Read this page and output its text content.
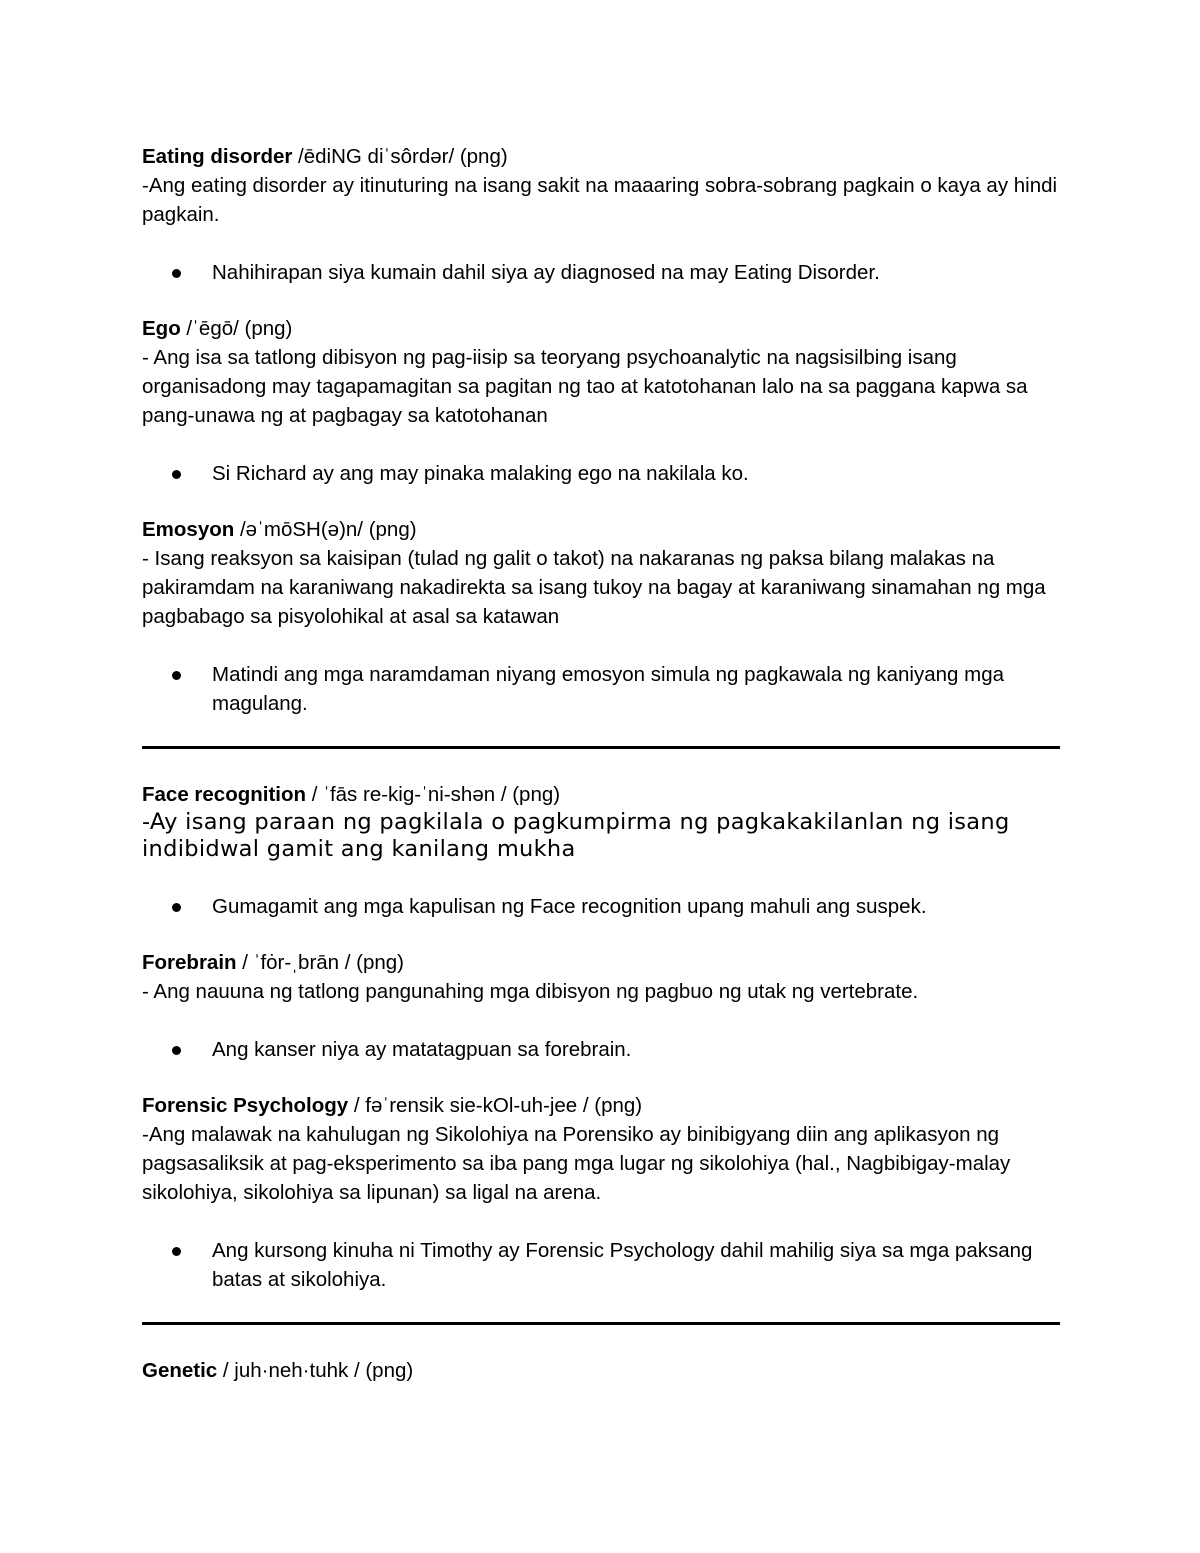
Eating disorder /ēdiNG diˈsôrdər/ (png)

-Ang eating disorder ay itinuturing na isang sakit na maaaring sobra-sobrang pagkain o kaya ay hindi pagkain.

Nahihirapan siya kumain dahil siya ay diagnosed na may Eating Disorder.

Ego /ˈēgō/ (png)

- Ang isa sa tatlong dibisyon ng pag-iisip sa teoryang psychoanalytic na nagsisilbing isang organisadong may tagapamagitan sa pagitan ng tao at katotohanan lalo na sa paggana kapwa sa pang-unawa ng at pagbagay sa katotohanan

Si Richard ay ang may pinaka malaking ego na nakilala ko.

Emosyon /əˈmōSH(ə)n/ (png)

- Isang reaksyon sa kaisipan (tulad ng galit o takot) na nakaranas ng paksa bilang malakas na pakiramdam na karaniwang nakadirekta sa isang tukoy na bagay at karaniwang sinamahan ng mga pagbabago sa pisyolohikal at asal sa katawan

Matindi ang mga naramdaman niyang emosyon simula ng pagkawala ng kaniyang mga magulang.

Face recognition / ˈfās re-kig-ˈni-shən / (png)

-Ay isang paraan ng pagkilala o pagkumpirma ng pagkakakilanlan ng isang indibidwal gamit ang kanilang mukha

Gumagamit ang mga kapulisan ng Face recognition upang mahuli ang suspek.

Forebrain / ˈfȯr-ˌbrān / (png)

- Ang nauuna ng tatlong pangunahing mga dibisyon ng pagbuo ng utak ng vertebrate.

Ang kanser niya ay matatagpuan sa forebrain.

Forensic Psychology / fəˈrensik sie-kOl-uh-jee / (png)

-Ang malawak na kahulugan ng Sikolohiya na Porensiko ay binibigyang diin ang aplikasyon ng pagsasaliksik at pag-eksperimento sa iba pang mga lugar ng sikolohiya (hal., Nagbibigay-malay sikolohiya, sikolohiya sa lipunan) sa ligal na arena.

Ang kursong kinuha ni Timothy ay Forensic Psychology dahil mahilig siya sa mga paksang batas at sikolohiya.

Genetic / juh·neh·tuhk / (png)
